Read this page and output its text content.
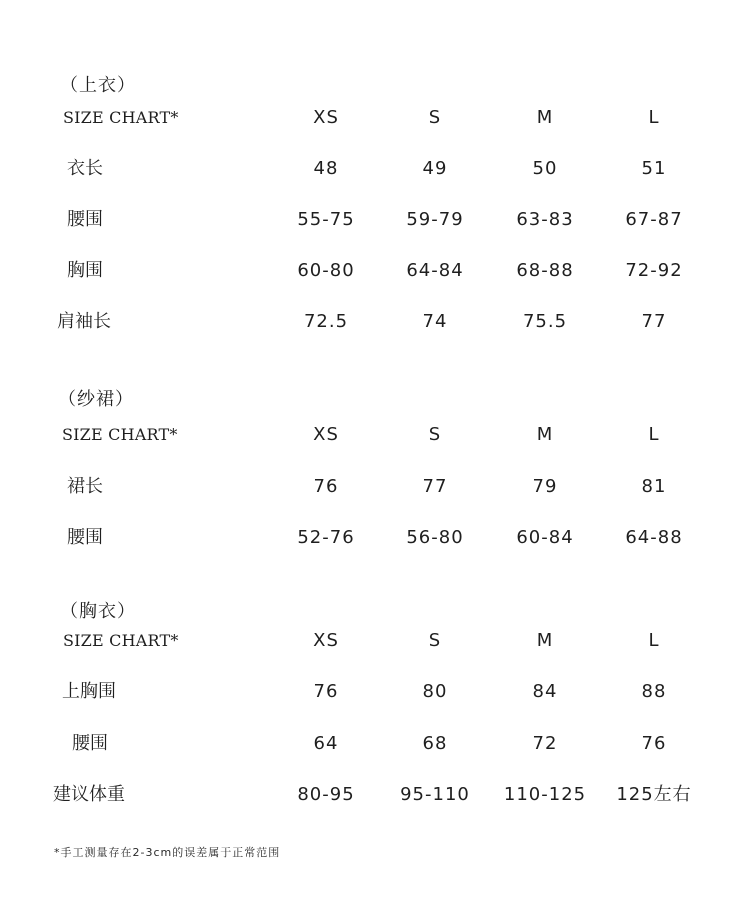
（上衣）
SIZE CHART*	XS	S	M	L
衣长	48	49	50	51
腰围	55-75	59-79	63-83	67-87
胸围	60-80	64-84	68-88	72-92
肩袖长	72.5	74	75.5	77
（纱裙）
SIZE CHART*	XS	S	M	L
裙长	76	77	79	81
腰围	52-76	56-80	60-84	64-88
（胸衣）
SIZE CHART*	XS	S	M	L
上胸围	76	80	84	88
腰围	64	68	72	76
建议体重	80-95	95-110	110-125	125左右
*手工测量存在2-3cm的误差属于正常范围
